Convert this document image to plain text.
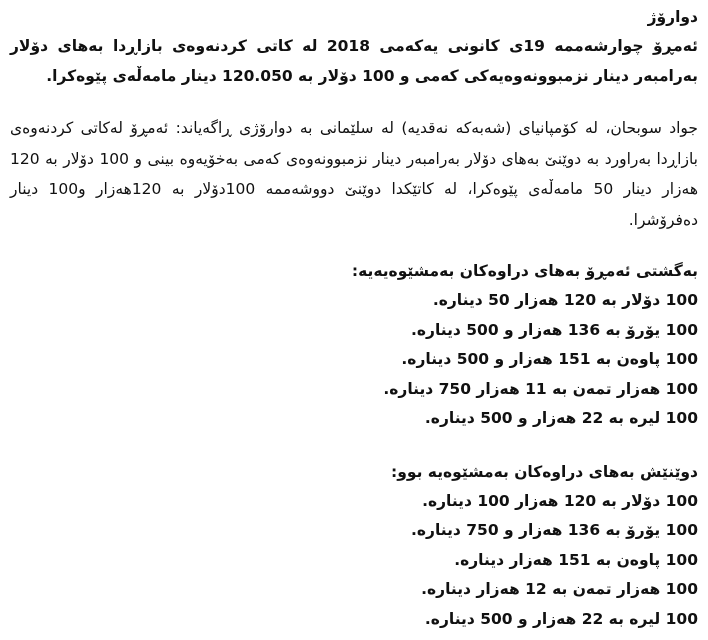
دوارۆژ

ئەمڕۆ چوارشەممە 19ی کانونی یەکەمی 2018 لە کاتی کردنەوەی بازاڕدا بەهای دۆلار بەرامبەر دینار نزمبوونەوەیەکی کەمی و 100 دۆلار بە 120.050 دینار مامەڵەی پێوەکرا.

جواد سوبحان، لە کۆمپانیای (شەبەکە نەقدیە) لە سلێمانی بە دوارۆژی ڕاگەیاند: ئەمڕۆ لەکاتی کردنەوەی بازاڕدا بەراورد بە دوێنێ بەهای دۆلار بەرامبەر دینار نزمبوونەوەی کەمی بەخۆیەوە بینی و 100 دۆلار بە 120 هەزار دینار 50 مامەڵەی پێوەکرا، لە کاتێکدا دوێنێ دووشەممە 100دۆلار بە 120هەزار و100 دینار دەفرۆشرا.

بەگشتی ئەمڕۆ بەهای دراوەکان بەمشێوەیەیە:

100 دۆلار بە 120 هەزار 50 دینارە.
100 یۆرۆ بە 136 هەزار و 500 دینارە.
100 پاوەن بە 151 هەزار و 500 دینارە.
100 هەزار تمەن بە 11 هەزار 750 دینارە.
100 لیرە بە 22 هەزار و 500 دینارە.

دوێنێش بەهای دراوەکان بەمشێوەیە بوو:

100 دۆلار بە 120 هەزار 100 دینارە.
100 یۆرۆ بە 136 هەزار و 750 دینارە.
100 پاوەن بە 151 هەزار دینارە.
100 هەزار تمەن بە 12 هەزار دینارە.
100 لیرە بە 22 هەزار و 500 دینارە.
